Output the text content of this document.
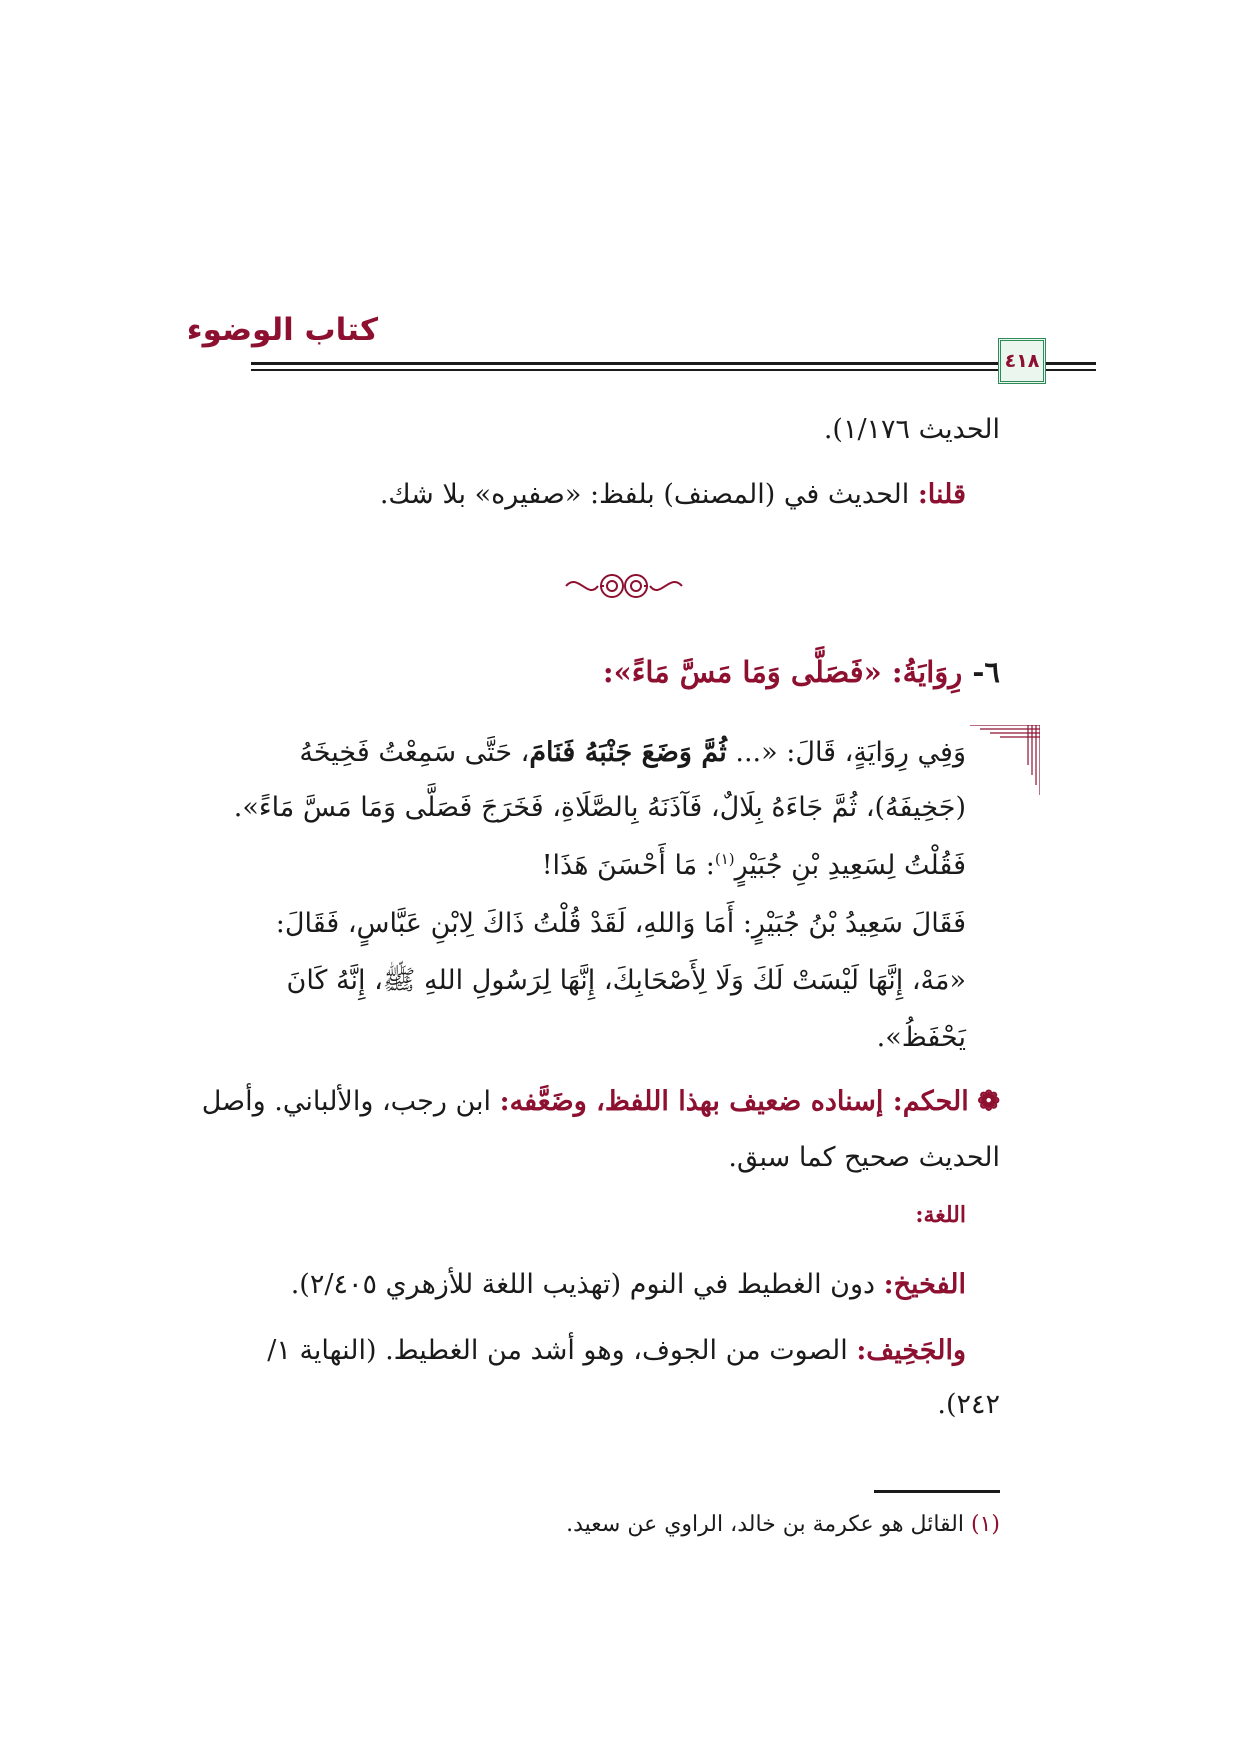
كتاب الوضوء
٤١٨
الحديث ١/١٧٦).
قلنا: الحديث في (المصنف) بلفظ: «صفيره» بلا شك.
٦- رِوَايَةُ: «فَصَلَّى وَمَا مَسَّ مَاءً»:
وَفِي رِوَايَةٍ، قَالَ: «... ثُمَّ وَضَعَ جَنْبَهُ فَنَامَ، حَتَّى سَمِعْتُ فَخِيخَهُ
(جَخِيفَهُ)، ثُمَّ جَاءَهُ بِلَالٌ، فَآذَنَهُ بِالصَّلَاةِ، فَخَرَجَ فَصَلَّى وَمَا مَسَّ مَاءً».
فَقُلْتُ لِسَعِيدِ بْنِ جُبَيْرٍ$^{(١)}$: مَا أَحْسَنَ هَذَا!
فَقَالَ سَعِيدُ بْنُ جُبَيْرٍ: أَمَا وَاللهِ، لَقَدْ قُلْتُ ذَاكَ لِابْنِ عَبَّاسٍ، فَقَالَ:
«مَهْ، إِنَّهَا لَيْسَتْ لَكَ وَلَا لِأَصْحَابِكَ، إِنَّهَا لِرَسُولِ اللهِ ﷺ، إِنَّهُ كَانَ
يَحْفَظُ».
❁ الحكم: إسناده ضعيف بهذا اللفظ، وضَعَّفه: ابن رجب، والألباني. وأصل
الحديث صحيح كما سبق.
اللغة:
الفخيخ: دون الغطيط في النوم (تهذيب اللغة للأزهري ٢/٤٠٥).
والجَخِيف: الصوت من الجوف، وهو أشد من الغطيط. (النهاية ١/
٢٤٢).
(١) القائل هو عكرمة بن خالد، الراوي عن سعيد.
